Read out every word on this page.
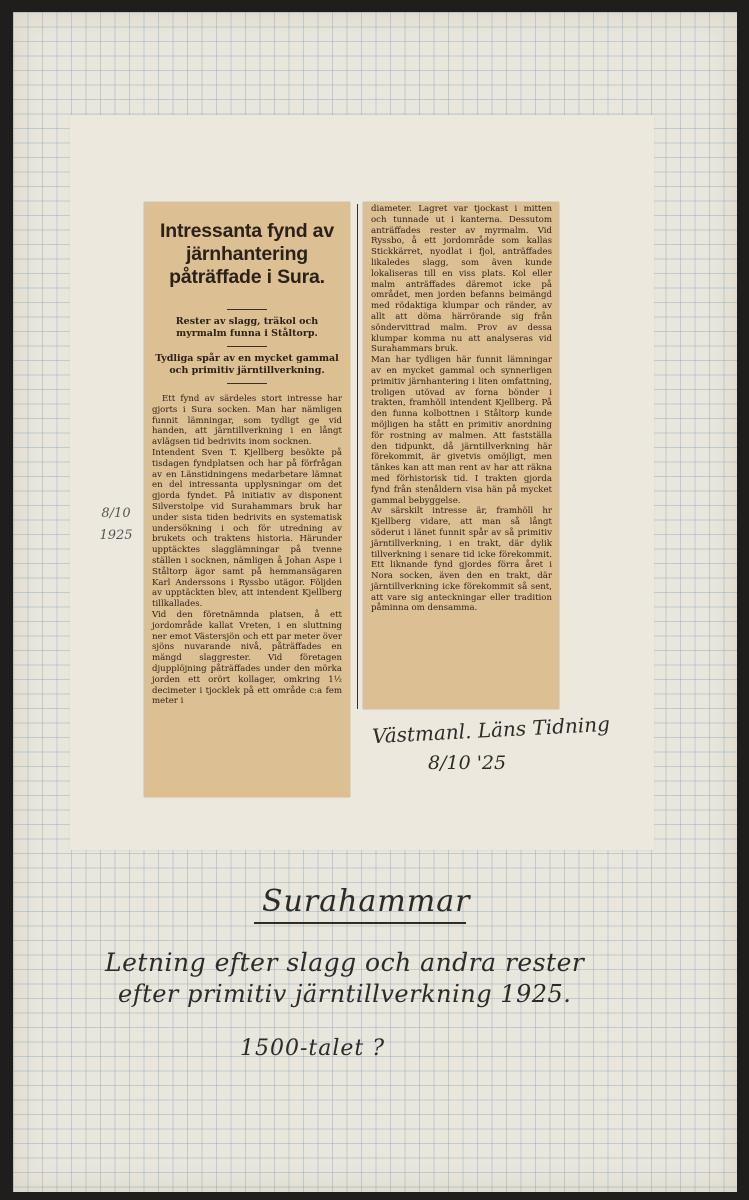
Intressanta fynd av järnhantering påträffade i Sura.
Rester av slagg, träkol och myrmalm funna i Ståltorp.
Tydliga spår av en mycket gammal och primitiv järntillverkning.
Ett fynd av särdeles stort intresse har gjorts i Sura socken. Man har nämligen funnit lämningar, som tydligt ge vid handen, att järntillverkning i en långt avlägsen tid bedrivits inom socknen.
Intendent Sven T. Kjellberg besökte på tisdagen fyndplatsen och har på förfrågan av en Länstidningens medarbetare lämnat en del intressanta upplysningar om det gjorda fyndet. På initiativ av disponent Silverstolpe vid Surahammars bruk har under sista tiden bedrivits en systematisk undersökning i och för utredning av brukets och traktens historia. Härunder upptäcktes slagglämningar på tvenne ställen i socknen, nämligen å Johan Aspe i Ståltorp ägor samt på hemmansägaren Karl Anderssons i Ryssbo utägor. Följden av upptäckten blev, att intendent Kjellberg tillkallades.
Vid den företnämnda platsen, å ett jordområde kallat Vreten, i en sluttning ner emot Västersjön och ett par meter över sjöns nuvarande nivå, påträffades en mängd slaggrester. Vid företagen djupplöjning påträffades under den mörka jorden ett orört kollager, omkring 1½ decimeter i tjocklek på ett område c:a fem meter i
diameter. Lagret var tjockast i mitten och tunnade ut i kanterna. Dessutom anträffades rester av myrmalm. Vid Ryssbo, å ett jordområde som kallas Stickkärret, nyodlat i fjol, anträffades likaledes slagg, som även kunde lokaliseras till en viss plats. Kol eller malm anträffades däremot icke på området, men jorden befanns beimängd med rödaktiga klumpar och ränder, av allt att döma härrörande sig från söndervittrad malm. Prov av dessa klumpar komma nu att analyseras vid Surahammars bruk.
Man har tydligen här funnit lämningar av en mycket gammal och synnerligen primitiv järnhantering i liten omfattning, troligen utövad av forna bönder i trakten, framhöll intendent Kjellberg. På den funna kolbottnen i Ståltorp kunde möjligen ha stått en primitiv anordning för rostning av malmen. Att fastställa den tidpunkt, då järntillverkning här förekommit, är givetvis omöjligt, men tänkes kan att man rent av har att räkna med förhistorisk tid. I trakten gjorda fynd från stenåldern visa hän på mycket gammal bebyggelse.
Av särskilt intresse är, framhöll hr Kjellberg vidare, att man så långt söderut i länet funnit spår av så primitiv järntillverkning, i en trakt, där dylik tillverkning i senare tid icke förekommit. Ett liknande fynd gjordes förra året i Nora socken, även den en trakt, där järntillverkning icke förekommit så sent, att vare sig anteckningar eller tradition påminna om densamma.
8/10
1925
Västmanl. Läns Tidning
8/10 '25
Surahammar
Letning efter slagg och andra rester
efter primitiv järntillverkning 1925.
1500-talet ?
